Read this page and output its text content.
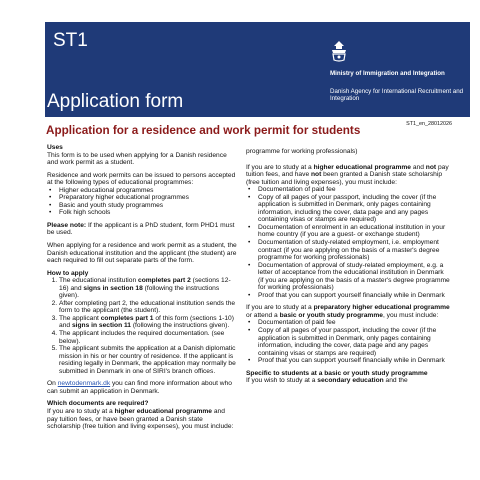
ST1
Application form
Ministry of Immigration and Integration
Danish Agency for International Recruitment and Integration
ST1_en_28012026
Application for a residence and work permit for students
Uses

This form is to be used when applying for a Danish residence and work permit as a student.

Residence and work permits can be issued to persons accepted at the following types of educational programmes:

• Higher educational programmes
• Preparatory higher educational programmes
• Basic and youth study programmes
• Folk high schools

Please note: If the applicant is a PhD student, form PHD1 must be used.

When applying for a residence and work permit as a student, the Danish educational institution and the applicant (the student) are each required to fill out separate parts of the form.

How to apply
1. The educational institution completes part 2 (sections 12-16) and signs in section 18 (following the instructions given).
2. After completing part 2, the educational institution sends the form to the applicant (the student).
3. The applicant completes part 1 of this form (sections 1-10) and signs in section 11 (following the instructions given).
4. The applicant includes the required documentation. (see below).
5. The applicant submits the application at a Danish diplomatic mission in his or her country of residence. If the applicant is residing legally in Denmark, the application may normally be submitted in Denmark in one of SIRI's branch offices.

On newtodenmark.dk you can find more information about who can submit an application in Denmark.

Which documents are required?

If you are to study at a higher educational programme and pay tuition fees, or have been granted a Danish state scholarship (free tuition and living expenses), you must include:

programme for working professionals)

If you are to study at a higher educational programme and not pay tuition fees, and have not been granted a Danish state scholarship (free tuition and living expenses), you must include:

• Documentation of paid fee
• Copy of all pages of your passport, including the cover (if the application is submitted in Denmark, only pages containing information, including the cover, data page and any pages containing visas or stamps are required)
• Documentation of enrolment in an educational institution in your home country (if you are a guest- or exchange student)
• Documentation of study-related employment, i.e. employment contract (if you are applying on the basis of a master's degree programme for working professionals)
• Documentation of approval of study-related employment, e.g. a letter of acceptance from the educational institution in Denmark (if you are applying on the basis of a master's degree programme for working professionals)
• Proof that you can support yourself financially while in Denmark

If you are to study at a preparatory higher educational programme or attend a basic or youth study programme, you must include:

• Documentation of paid fee
• Copy of all pages of your passport, including the cover (if the application is submitted in Denmark, only pages containing information, including the cover, data page and any pages containing visas or stamps are required)
• Proof that you can support yourself financially while in Denmark
Specific to students at a basic or youth study programme

If you wish to study at a secondary education and the
